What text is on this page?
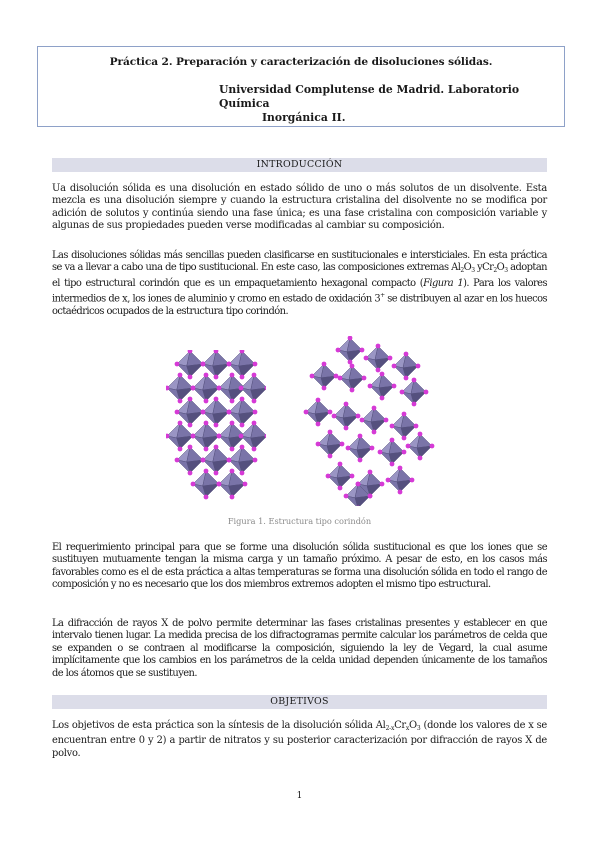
Práctica 2. Preparación y caracterización de disoluciones sólidas.
Universidad Complutense de Madrid. Laboratorio Química
Inorgánica II.
INTRODUCCIÓN

Ua disolución sólida es una disolución en estado sólido de uno o más solutos de un disolvente. Esta mezcla es una disolución siempre y cuando la estructura cristalina del disolvente no se modifica por adición de solutos y continúa siendo una fase única; es una fase cristalina con composición variable y algunas de sus propiedades pueden verse modificadas al cambiar su composición.

Las disoluciones sólidas más sencillas pueden clasificarse en sustitucionales e intersticiales. En esta práctica se va a llevar a cabo una de tipo sustitucional. En este caso, las composiciones extremas $Al_2O_3$ $yCr_2O_3$ adoptan el tipo estructural corindón que es un empaquetamiento hexagonal compacto (Figura 1). Para los valores intermedios de x, los iones de aluminio y cromo en estado de oxidación 3+ se distribuyen al azar en los huecos octaédricos ocupados de la estructura tipo corindón.

Figura 1. Estructura tipo corindón

El requerimiento principal para que se forme una disolución sólida sustitucional es que los iones que se sustituyen mutuamente tengan la misma carga y un tamaño próximo. A pesar de esto, en los casos más favorables como es el de esta práctica a altas temperaturas se forma una disolución sólida en todo el rango de composición y no es necesario que los dos miembros extremos adopten el mismo tipo estructural.

La difracción de rayos X de polvo permite determinar las fases cristalinas presentes y establecer en que intervalo tienen lugar. La medida precisa de los difractogramas permite calcular los parámetros de celda que se expanden o se contraen al modificarse la composición, siguiendo la ley de Vegard, la cual asume implícitamente que los cambios en los parámetros de la celda unidad dependen únicamente de los tamaños de los átomos que se sustituyen.

OBJETIVOS

Los objetivos de esta práctica son la síntesis de la disolución sólida $Al_{2-x}Cr_xO_3$ (donde los valores de x se encuentran entre 0 y 2) a partir de nitratos y su posterior caracterización por difracción de rayos X de polvo.

1
